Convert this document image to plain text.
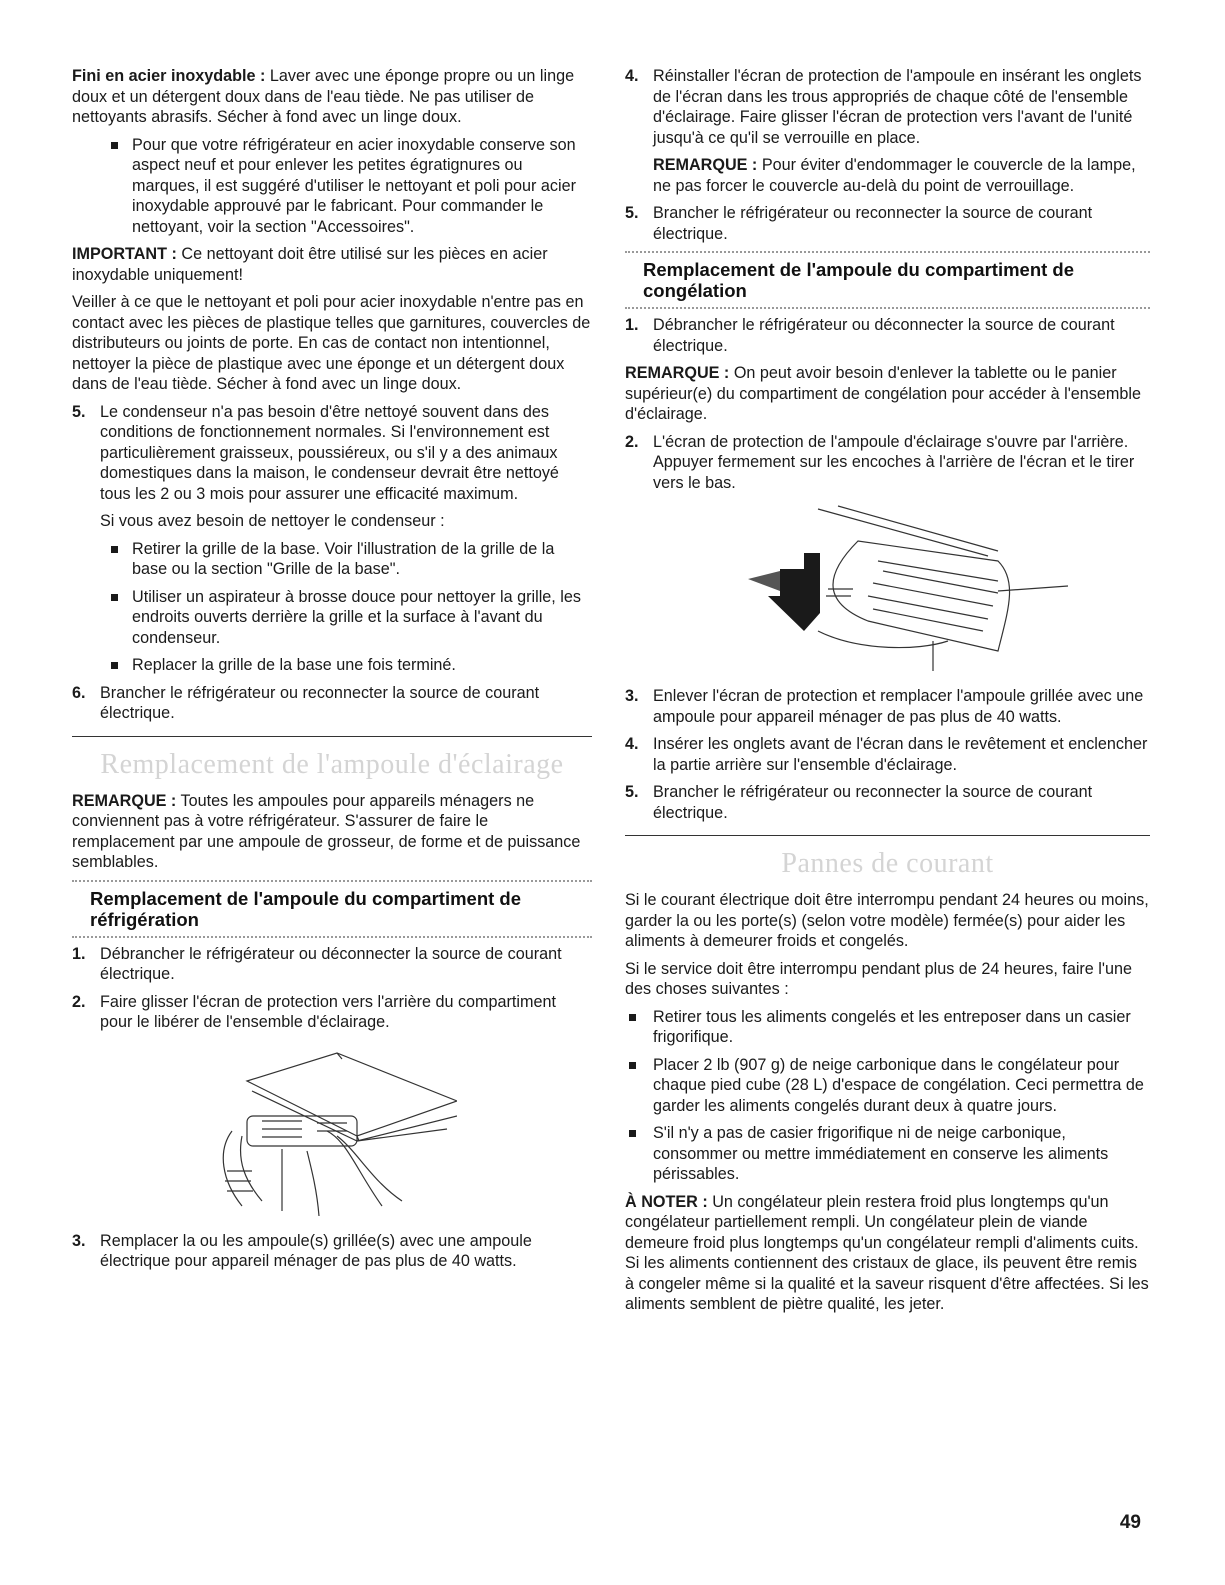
Fini en acier inoxydable : Laver avec une éponge propre ou un linge doux et un détergent doux dans de l'eau tiède. Ne pas utiliser de nettoyants abrasifs. Sécher à fond avec un linge doux.

Pour que votre réfrigérateur en acier inoxydable conserve son aspect neuf et pour enlever les petites égratignures ou marques, il est suggéré d'utiliser le nettoyant et poli pour acier inoxydable approuvé par le fabricant. Pour commander le nettoyant, voir la section "Accessoires".

IMPORTANT : Ce nettoyant doit être utilisé sur les pièces en acier inoxydable uniquement!

Veiller à ce que le nettoyant et poli pour acier inoxydable n'entre pas en contact avec les pièces de plastique telles que garnitures, couvercles de distributeurs ou joints de porte. En cas de contact non intentionnel, nettoyer la pièce de plastique avec une éponge et un détergent doux dans de l'eau tiède. Sécher à fond avec un linge doux.

5. Le condenseur n'a pas besoin d'être nettoyé souvent dans des conditions de fonctionnement normales. Si l'environnement est particulièrement graisseux, poussiéreux, ou s'il y a des animaux domestiques dans la maison, le condenseur devrait être nettoyé tous les 2 ou 3 mois pour assurer une efficacité maximum.

Si vous avez besoin de nettoyer le condenseur :

Retirer la grille de la base. Voir l'illustration de la grille de la base ou la section "Grille de la base".
Utiliser un aspirateur à brosse douce pour nettoyer la grille, les endroits ouverts derrière la grille et la surface à l'avant du condenseur.
Replacer la grille de la base une fois terminé.
6. Brancher le réfrigérateur ou reconnecter la source de courant électrique.
Remplacement de l'ampoule d'éclairage

REMARQUE : Toutes les ampoules pour appareils ménagers ne conviennent pas à votre réfrigérateur. S'assurer de faire le remplacement par une ampoule de grosseur, de forme et de puissance semblables.

Remplacement de l'ampoule du compartiment de réfrigération
1. Débrancher le réfrigérateur ou déconnecter la source de courant électrique.
2. Faire glisser l'écran de protection vers l'arrière du compartiment pour le libérer de l'ensemble d'éclairage.
3. Remplacer la ou les ampoule(s) grillée(s) avec une ampoule électrique pour appareil ménager de pas plus de 40 watts.
4. Réinstaller l'écran de protection de l'ampoule en insérant les onglets de l'écran dans les trous appropriés de chaque côté de l'ensemble d'éclairage. Faire glisser l'écran de protection vers l'avant de l'unité jusqu'à ce qu'il se verrouille en place.

REMARQUE : Pour éviter d'endommager le couvercle de la lampe, ne pas forcer le couvercle au-delà du point de verrouillage.

5. Brancher le réfrigérateur ou reconnecter la source de courant électrique.
Remplacement de l'ampoule du compartiment de congélation
1. Débrancher le réfrigérateur ou déconnecter la source de courant électrique.

REMARQUE : On peut avoir besoin d'enlever la tablette ou le panier supérieur(e) du compartiment de congélation pour accéder à l'ensemble d'éclairage.

2. L'écran de protection de l'ampoule d'éclairage s'ouvre par l'arrière. Appuyer fermement sur les encoches à l'arrière de l'écran et le tirer vers le bas.
3. Enlever l'écran de protection et remplacer l'ampoule grillée avec une ampoule pour appareil ménager de pas plus de 40 watts.
4. Insérer les onglets avant de l'écran dans le revêtement et enclencher la partie arrière sur l'ensemble d'éclairage.
5. Brancher le réfrigérateur ou reconnecter la source de courant électrique.
Pannes de courant

Si le courant électrique doit être interrompu pendant 24 heures ou moins, garder la ou les porte(s) (selon votre modèle) fermée(s) pour aider les aliments à demeurer froids et congelés.

Si le service doit être interrompu pendant plus de 24 heures, faire l'une des choses suivantes :

Retirer tous les aliments congelés et les entreposer dans un casier frigorifique.
Placer 2 lb (907 g) de neige carbonique dans le congélateur pour chaque pied cube (28 L) d'espace de congélation. Ceci permettra de garder les aliments congelés durant deux à quatre jours.
S'il n'y a pas de casier frigorifique ni de neige carbonique, consommer ou mettre immédiatement en conserve les aliments périssables.

À NOTER : Un congélateur plein restera froid plus longtemps qu'un congélateur partiellement rempli. Un congélateur plein de viande demeure froid plus longtemps qu'un congélateur rempli d'aliments cuits. Si les aliments contiennent des cristaux de glace, ils peuvent être remis à congeler même si la qualité et la saveur risquent d'être affectées. Si les aliments semblent de piètre qualité, les jeter.

49
